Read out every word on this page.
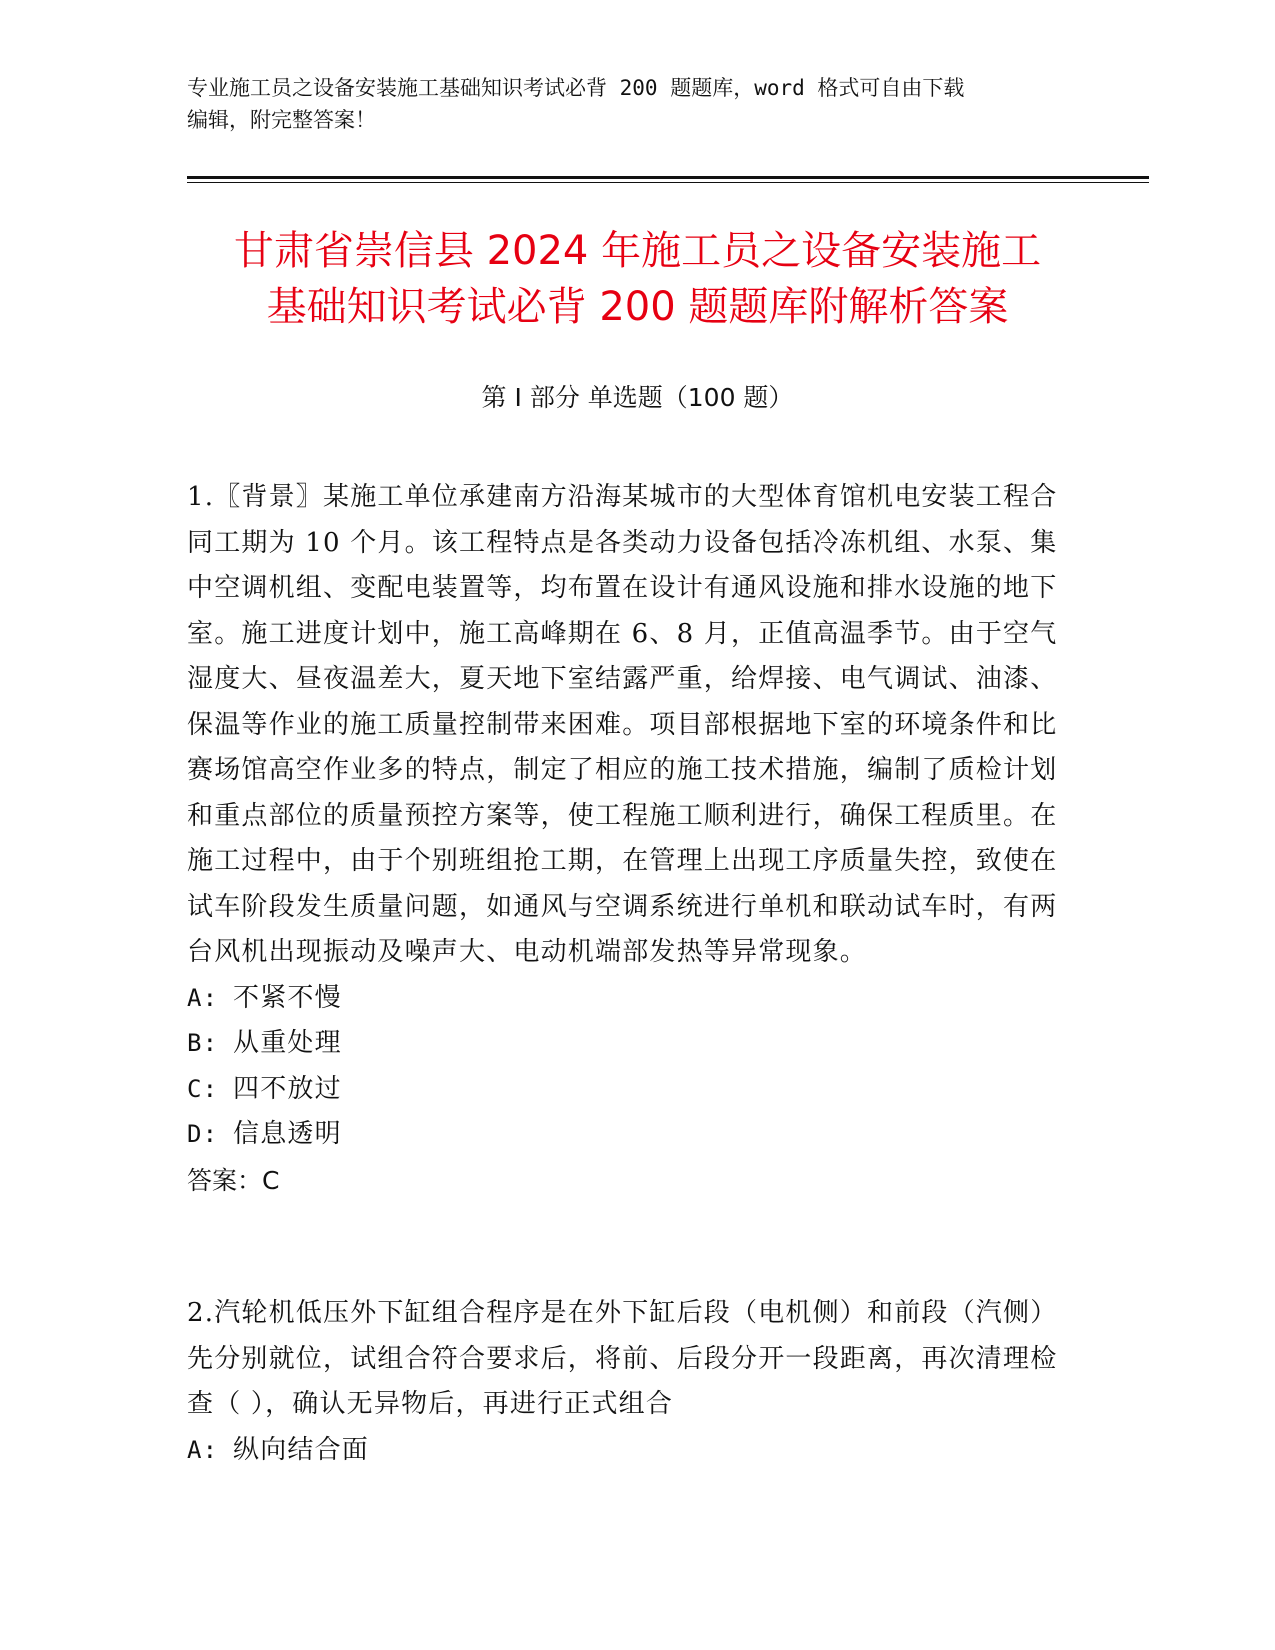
专业施工员之设备安装施工基础知识考试必背 200 题题库，word 格式可自由下载
编辑，附完整答案！
甘肃省崇信县 2024 年施工员之设备安装施工
基础知识考试必背 200 题题库附解析答案
第 I 部分 单选题（100 题）

1.〖背景〗某施工单位承建南方沿海某城市的大型体育馆机电安装工程合同工期为 10 个月。该工程特点是各类动力设备包括冷冻机组、水泵、集中空调机组、变配电装置等，均布置在设计有通风设施和排水设施的地下室。施工进度计划中，施工高峰期在 6、8 月，正值高温季节。由于空气湿度大、昼夜温差大，夏天地下室结露严重，给焊接、电气调试、油漆、保温等作业的施工质量控制带来困难。项目部根据地下室的环境条件和比赛场馆高空作业多的特点，制定了相应的施工技术措施，编制了质检计划和重点部位的质量预控方案等，使工程施工顺利进行，确保工程质里。在施工过程中，由于个别班组抢工期，在管理上出现工序质量失控，致使在试车阶段发生质量问题，如通风与空调系统进行单机和联动试车时，有两台风机出现振动及噪声大、电动机端部发热等异常现象。

A: 不紧不慢

B: 从重处理

C: 四不放过

D: 信息透明

答案：C

2.汽轮机低压外下缸组合程序是在外下缸后段（电机侧）和前段（汽侧）先分别就位，试组合符合要求后，将前、后段分开一段距离，再次清理检查（ ），确认无异物后，再进行正式组合

A: 纵向结合面
